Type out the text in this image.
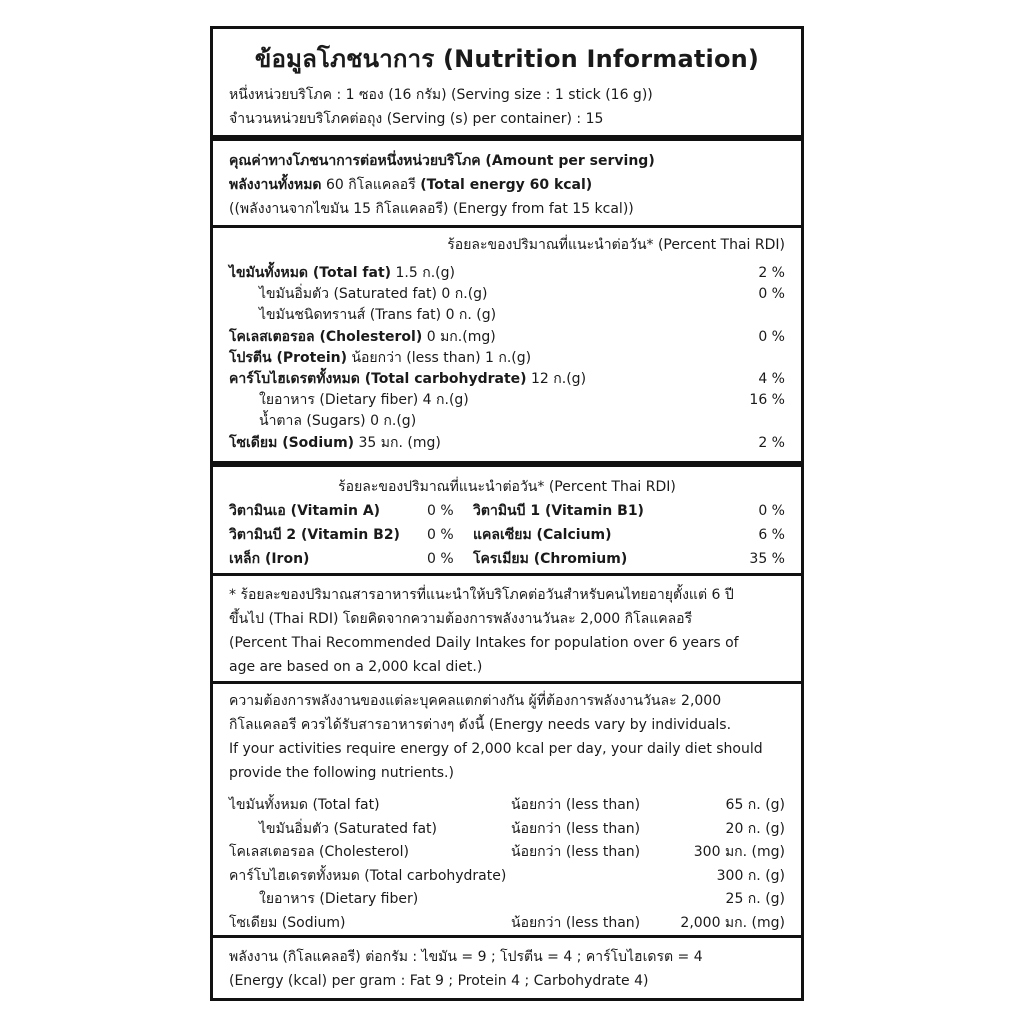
ข้อมูลโภชนาการ (Nutrition Information)
หนึ่งหน่วยบริโภค : 1 ซอง (16 กรัม) (Serving size : 1 stick (16 g))
จำนวนหน่วยบริโภคต่อถุง (Serving (s) per container) : 15
คุณค่าทางโภชนาการต่อหนึ่งหน่วยบริโภค (Amount per serving)
พลังงานทั้งหมด 60 กิโลแคลอรี (Total energy 60 kcal)
((พลังงานจากไขมัน 15 กิโลแคลอรี) (Energy from fat 15 kcal))
ร้อยละของปริมาณที่แนะนำต่อวัน* (Percent Thai RDI)
ร้อยละของปริมาณที่แนะนำต่อวัน* (Percent Thai RDI)
พลังงาน (กิโลแคลอรี) ต่อกรัม : ไขมัน = 9 ; โปรตีน = 4 ; คาร์โบไฮเดรต = 4
(Energy (kcal) per gram : Fat 9 ; Protein 4 ; Carbohydrate 4)
ไขมันทั้งหมด (Total fat) 1.5 ก.(g)	2 %
ไขมันอิ่มตัว (Saturated fat) 0 ก.(g)	0 %
ไขมันชนิดทรานส์ (Trans fat) 0 ก. (g)
โคเลสเตอรอล (Cholesterol) 0 มก.(mg)	0 %
โปรตีน (Protein) น้อยกว่า (less than) 1 ก.(g)
คาร์โบไฮเดรตทั้งหมด (Total carbohydrate) 12 ก.(g)	4 %
ใยอาหาร (Dietary fiber) 4 ก.(g)	16 %
น้ำตาล (Sugars) 0 ก.(g)
โซเดียม (Sodium) 35 มก. (mg)	2 %
วิตามินเอ (Vitamin A)	0 % วิตามินบี 1 (Vitamin B1)	0 %
วิตามินบี 2 (Vitamin B2) 0 % แคลเซียม (Calcium)	6 %
เหล็ก (Iron)	0 % โครเมียม (Chromium)	35 %
* ร้อยละของปริมาณสารอาหารที่แนะนำให้บริโภคต่อวันสำหรับคนไทยอายุตั้งแต่ 6 ปี
ขึ้นไป (Thai RDI) โดยคิดจากความต้องการพลังงานวันละ 2,000 กิโลแคลอรี
(Percent Thai Recommended Daily Intakes for population over 6 years of
age are based on a 2,000 kcal diet.)
ความต้องการพลังงานของแต่ละบุคคลแตกต่างกัน ผู้ที่ต้องการพลังงานวันละ 2,000
กิโลแคลอรี ควรได้รับสารอาหารต่างๆ ดังนี้ (Energy needs vary by individuals.
If your activities require energy of 2,000 kcal per day, your daily diet should
provide the following nutrients.)
ไขมันทั้งหมด (Total fat)	น้อยกว่า (less than)	65 ก. (g)
ไขมันอิ่มตัว (Saturated fat)	น้อยกว่า (less than)	20 ก. (g)
โคเลสเตอรอล (Cholesterol)	น้อยกว่า (less than)	300 มก. (mg)
คาร์โบไฮเดรตทั้งหมด (Total carbohydrate)	300 ก. (g)
ใยอาหาร (Dietary fiber)	25 ก. (g)
โซเดียม (Sodium)	น้อยกว่า (less than)	2,000 มก. (mg)
